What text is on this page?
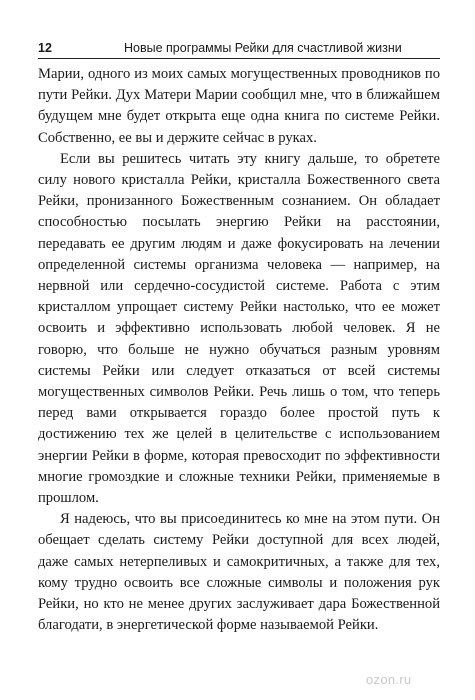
12	Новые программы Рейки для счастливой жизни

Марии, одного из моих самых могущественных проводников по пути Рейки. Дух Матери Марии сообщил мне, что в ближайшем будущем мне будет открыта еще одна книга по системе Рейки. Собственно, ее вы и держите сейчас в руках.

Если вы решитесь читать эту книгу дальше, то обретете силу нового кристалла Рейки, кристалла Божественного света Рейки, пронизанного Божественным сознанием. Он обладает способностью посылать энергию Рейки на расстоянии, передавать ее другим людям и даже фокусировать на лечении определенной системы организма человека — например, на нервной или сердечно-сосудистой системе. Работа с этим кристаллом упрощает систему Рейки настолько, что ее может освоить и эффективно использовать любой человек. Я не говорю, что больше не нужно обучаться разным уровням системы Рейки или следует отказаться от всей системы могущественных символов Рейки. Речь лишь о том, что теперь перед вами открывается гораздо более простой путь к достижению тех же целей в целительстве с использованием энергии Рейки в форме, которая превосходит по эффективности многие громоздкие и сложные техники Рейки, применяемые в прошлом.

Я надеюсь, что вы присоединитесь ко мне на этом пути. Он обещает сделать систему Рейки доступной для всех людей, даже самых нетерпеливых и самокритичных, а также для тех, кому трудно освоить все сложные символы и положения рук Рейки, но кто не менее других заслуживает дара Божественной благодати, в энергетической форме называемой Рейки.

ozon.ru
